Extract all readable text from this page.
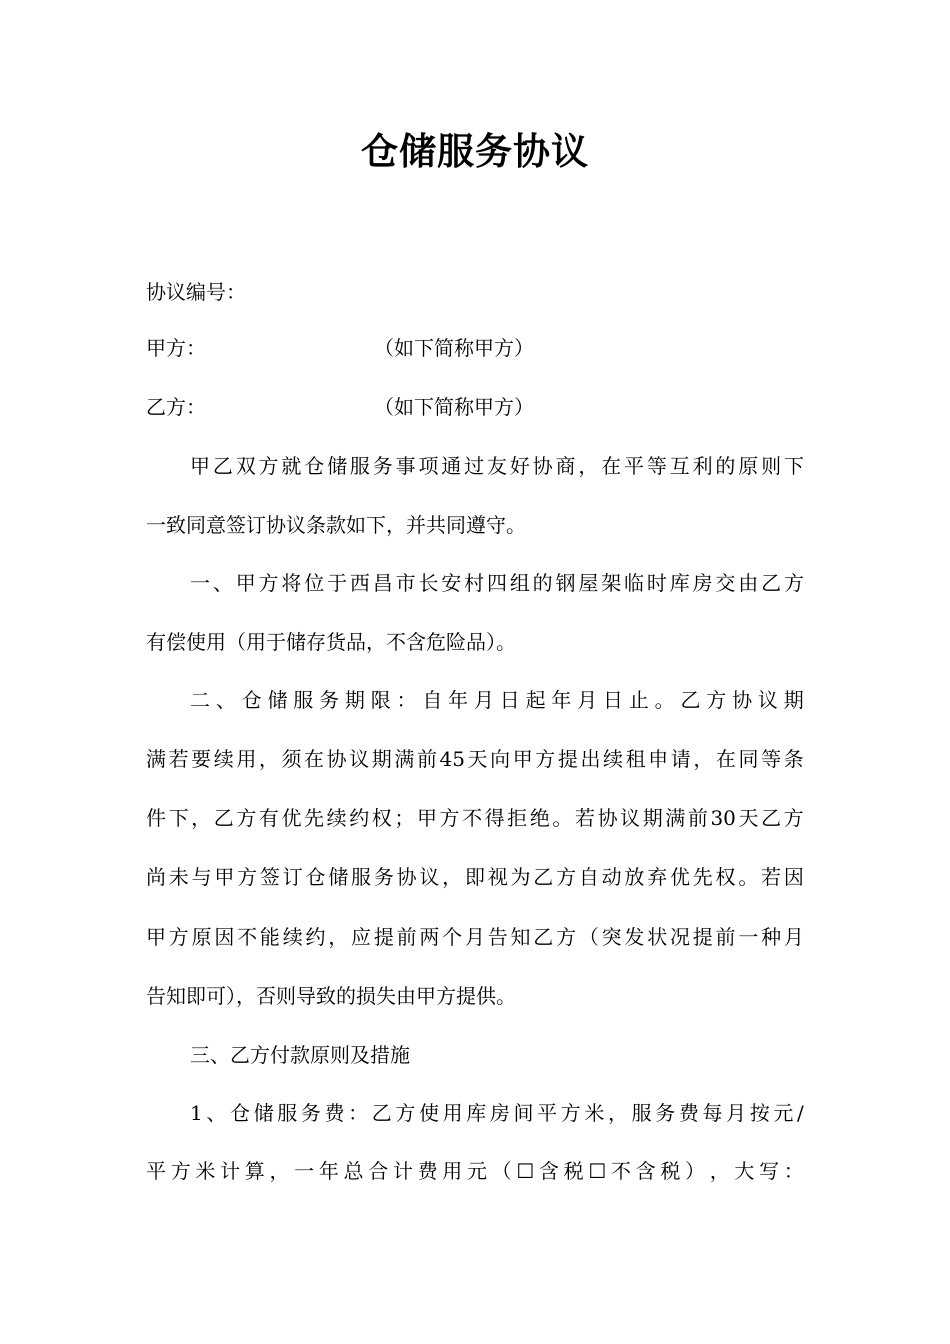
仓储服务协议
协议编号：
甲方：	（如下简称甲方）
乙方：	（如下简称甲方）
甲 乙 双 方 就 仓 储 服 务 事 项 通 过 友 好 协 商 ， 在 平 等 互 利 的 原 则 下
一致同意签订协议条款如下，并共同遵守。
一 、 甲 方 将 位 于 西 昌 市 长 安 村 四 组 的 钢 屋 架 临 时 库 房 交 由 乙 方
有偿使用（用于储存货品，不含危险品）。
二 、 仓 储 服 务 期 限 ： 自 年 月 日 起 年 月 日 止 。 乙 方 协 议 期
满 若 要 续 用 ， 须 在 协 议 期 满 前 45 天 向 甲 方 提 出 续 租 申 请 ， 在 同 等 条
件 下 ， 乙 方 有 优 先 续 约 权 ； 甲 方 不 得 拒 绝 。 若 协 议 期 满 前 30 天 乙 方
尚 未 与 甲 方 签 订 仓 储 服 务 协 议 ， 即 视 为 乙 方 自 动 放 弃 优 先 权 。 若 因
甲 方 原 因 不 能 续 约 ， 应 提 前 两 个 月 告 知 乙 方 （ 突 发 状 况 提 前 一 种 月
告知即可），否则导致的损失由甲方提供。
三、乙方付款原则及措施
1 、 仓 储 服 务 费 ： 乙 方 使 用 库 房 间 平 方 米 ， 服 务 费 每 月 按 元 /
平 方 米 计 算 ， 一 年 总 合 计 费 用 元 （ ☐ 含 税 ☐ 不 含 税 ） ， 大 写 ：
